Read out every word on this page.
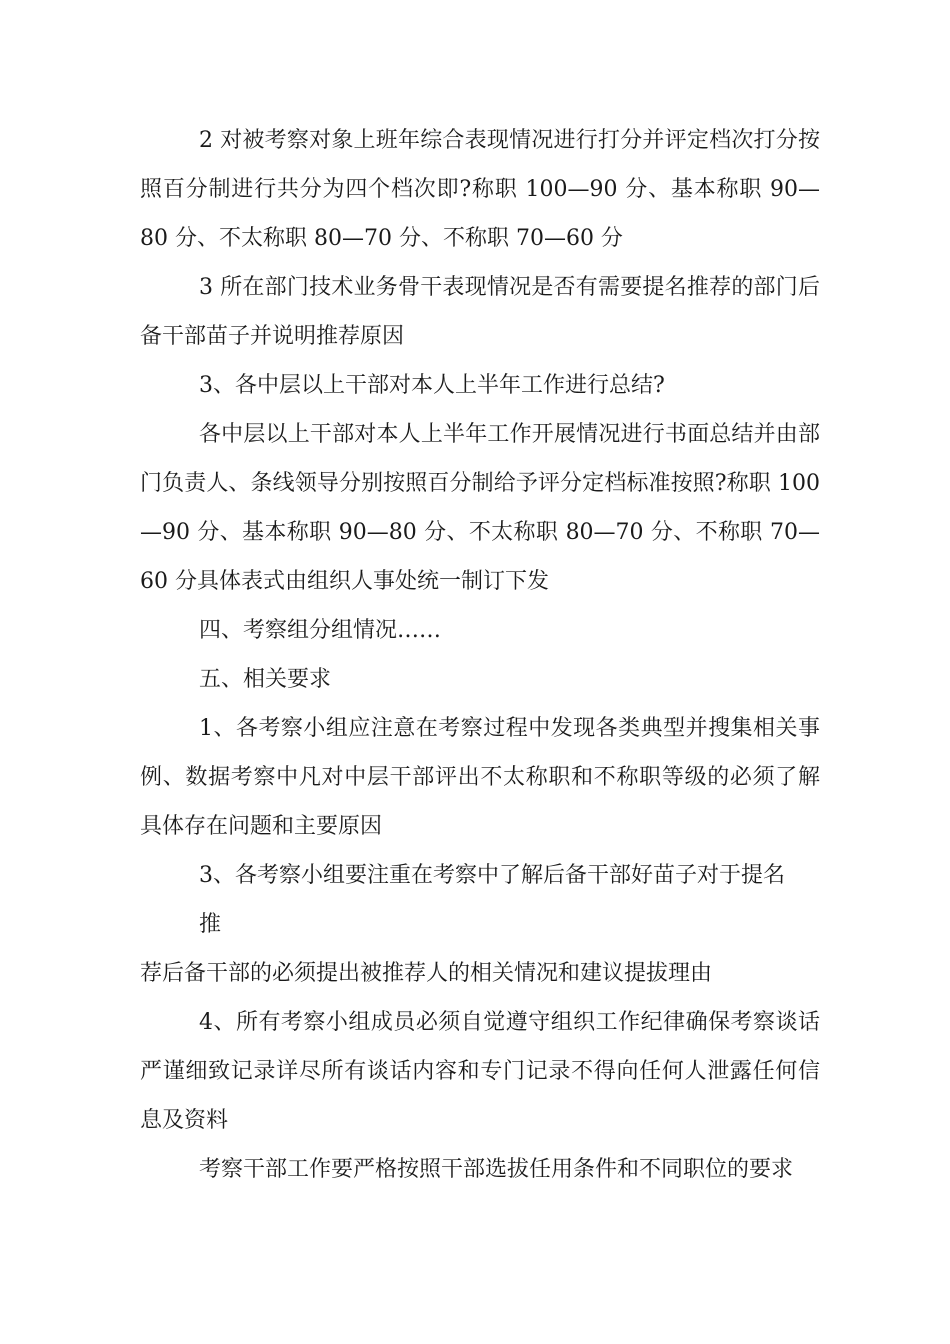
2 对被考察对象上班年综合表现情况进行打分并评定档次打分按照百分制进行共分为四个档次即?称职 100—90 分、基本称职 90—80 分、不太称职 80—70 分、不称职 70—60 分

3 所在部门技术业务骨干表现情况是否有需要提名推荐的部门后备干部苗子并说明推荐原因

3、各中层以上干部对本人上半年工作进行总结?

各中层以上干部对本人上半年工作开展情况进行书面总结并由部门负责人、条线领导分别按照百分制给予评分定档标准按照?称职 100—90 分、基本称职 90—80 分、不太称职 80—70 分、不称职 70—60 分具体表式由组织人事处统一制订下发

四、考察组分组情况……

五、相关要求

1、各考察小组应注意在考察过程中发现各类典型并搜集相关事例、数据考察中凡对中层干部评出不太称职和不称职等级的必须了解具体存在问题和主要原因

3、各考察小组要注重在考察中了解后备干部好苗子对于提名

推

荐后备干部的必须提出被推荐人的相关情况和建议提拔理由

4、所有考察小组成员必须自觉遵守组织工作纪律确保考察谈话严谨细致记录详尽所有谈话内容和专门记录不得向任何人泄露任何信息及资料

考察干部工作要严格按照干部选拔任用条件和不同职位的要求
